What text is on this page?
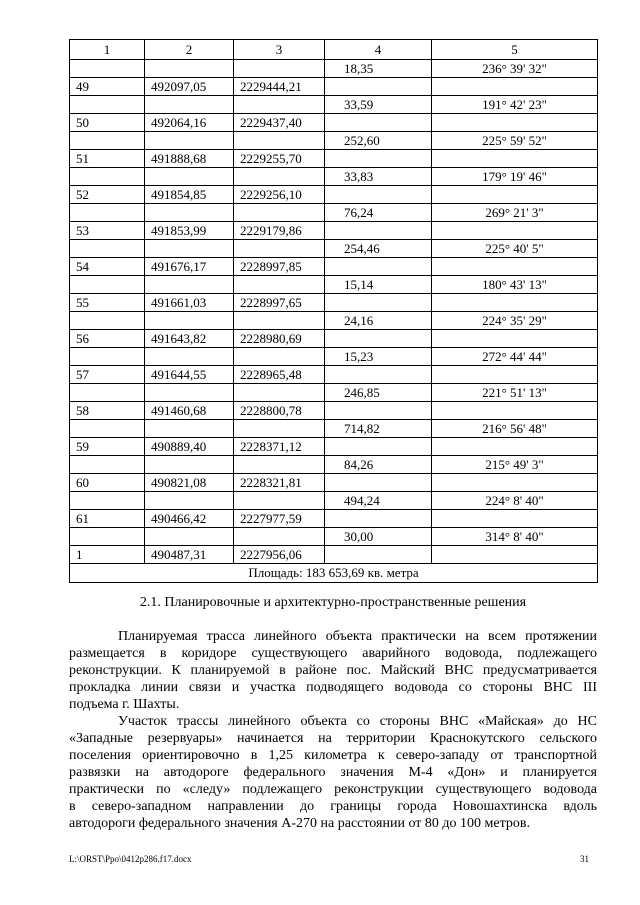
1	2	3	4	5
			18,35	236° 39' 32"
49	492097,05	2229444,21		
			33,59	191° 42' 23"
50	492064,16	2229437,40		
			252,60	225° 59' 52"
51	491888,68	2229255,70		
			33,83	179° 19' 46"
52	491854,85	2229256,10		
			76,24	269° 21' 3"
53	491853,99	2229179,86		
			254,46	225° 40' 5"
54	491676,17	2228997,85		
			15,14	180° 43' 13"
55	491661,03	2228997,65		
			24,16	224° 35' 29"
56	491643,82	2228980,69		
			15,23	272° 44' 44"
57	491644,55	2228965,48		
			246,85	221° 51' 13"
58	491460,68	2228800,78		
			714,82	216° 56' 48"
59	490889,40	2228371,12		
			84,26	215° 49' 3"
60	490821,08	2228321,81		
			494,24	224° 8' 40"
61	490466,42	2227977,59		
			30,00	314° 8' 40"
1	490487,31	2227956,06		
Площадь: 183 653,69 кв. метра				
2.1. Планировочные и архитектурно-пространственные решения

Планируемая трасса линейного объекта практически на всем протяжении
размещается в коридоре существующего аварийного водовода, подлежащего
реконструкции. К планируемой в районе пос. Майский ВНС предусматривается
прокладка линии связи и участка подводящего водовода со стороны ВНС III
подъема г. Шахты.

Участок трассы линейного объекта со стороны ВНС «Майская» до НС
«Западные резервуары» начинается на территории Краснокутского сельского
поселения ориентировочно в 1,25 километра к северо-западу от транспортной
развязки на автодороге федерального значения М-4 «Дон» и планируется
практически по «следу» подлежащего реконструкции существующего водовода
в северо-западном направлении до границы города Новошахтинска вдоль
автодороги федерального значения А-270 на расстоянии от 80 до 100 метров.

L:\ORST\Ppo\0412p286.f17.docx	31
